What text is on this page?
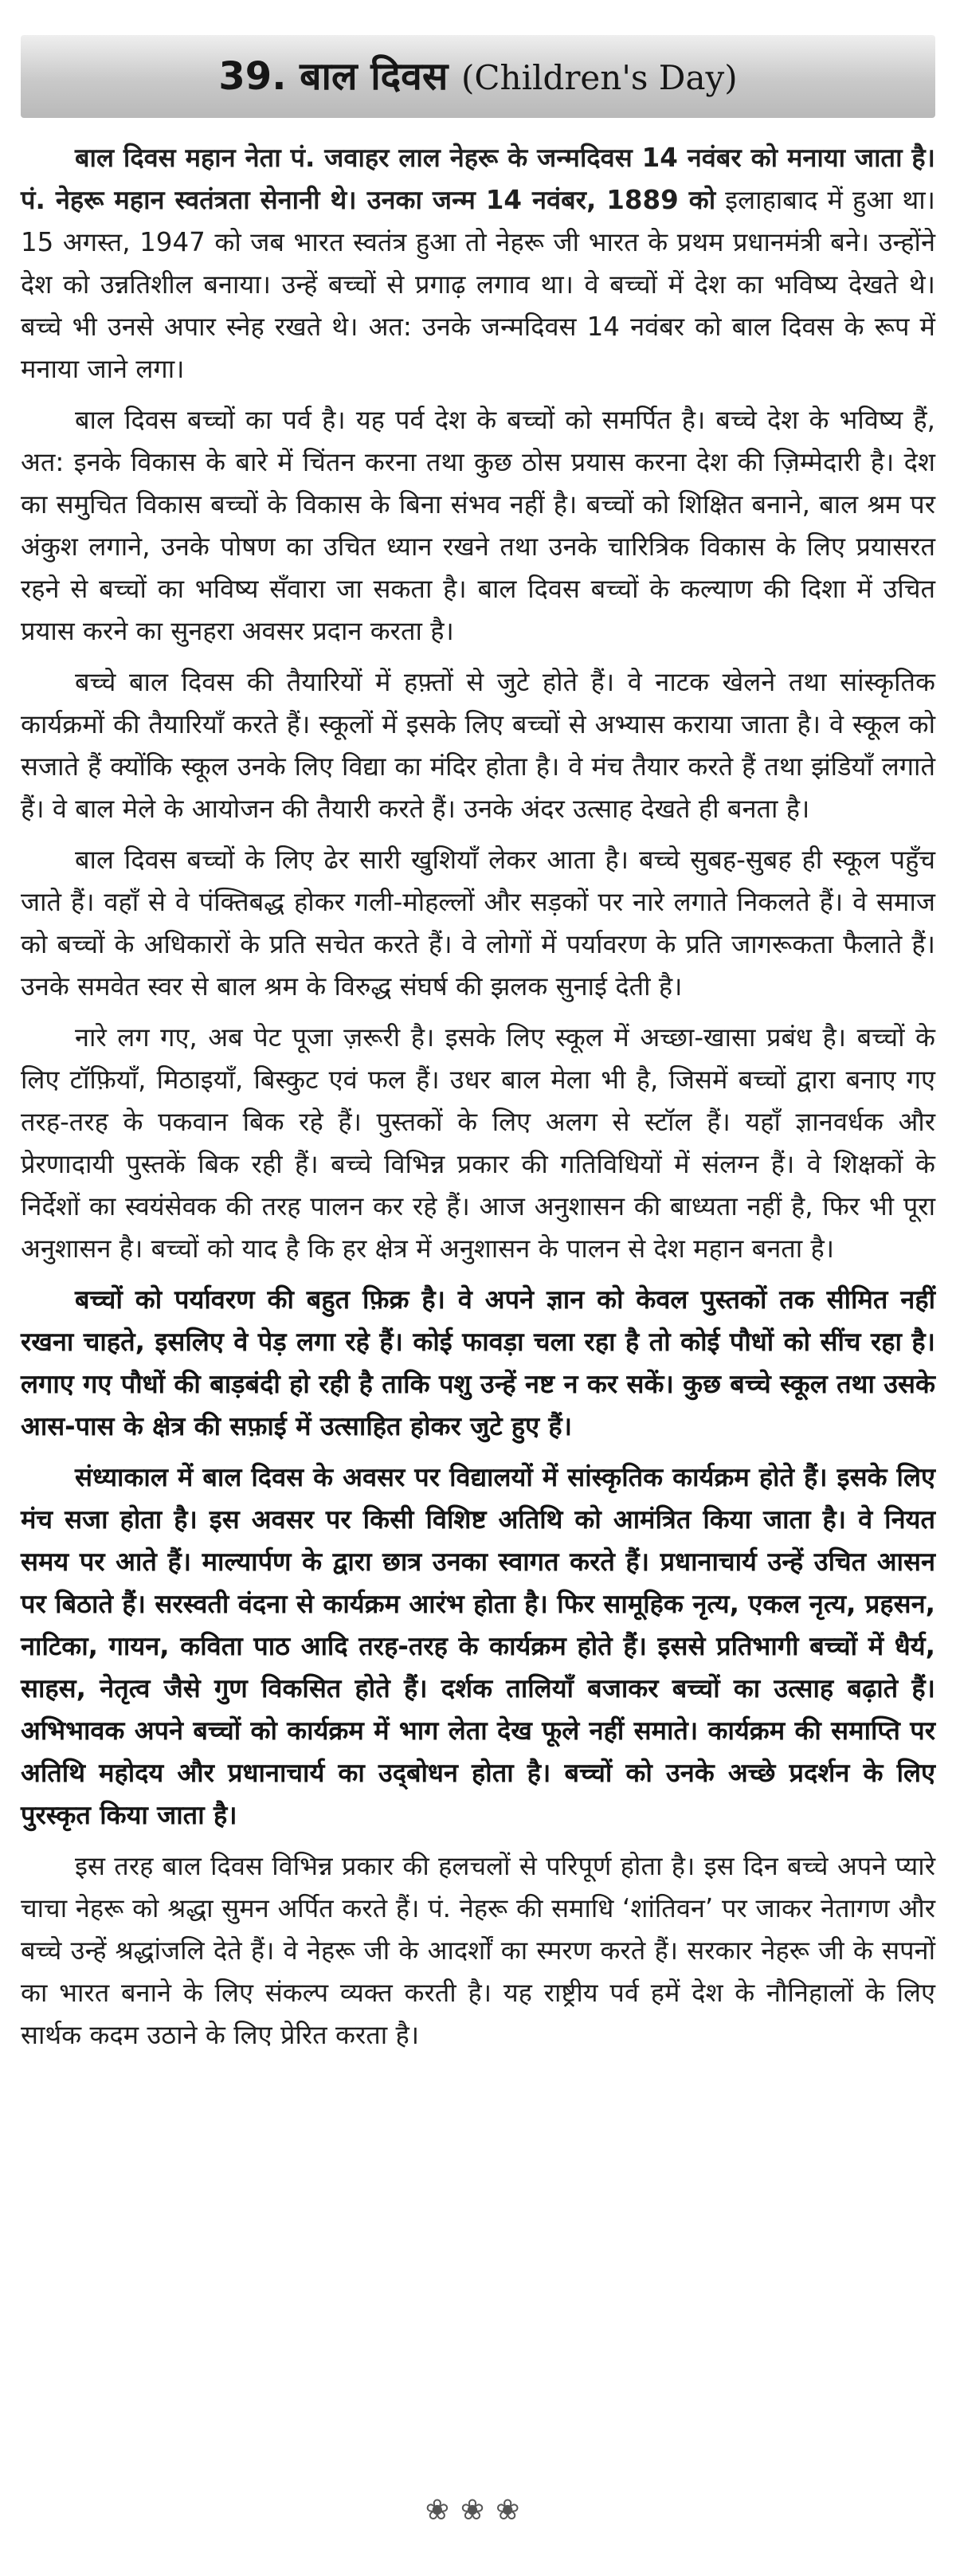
39. बाल दिवस (Children's Day)

बाल दिवस महान नेता पं. जवाहर लाल नेहरू के जन्मदिवस 14 नवंबर को मनाया जाता है। पं. नेहरू महान स्वतंत्रता सेनानी थे। उनका जन्म 14 नवंबर, 1889 को इलाहाबाद में हुआ था। 15 अगस्त, 1947 को जब भारत स्वतंत्र हुआ तो नेहरू जी भारत के प्रथम प्रधानमंत्री बने। उन्होंने देश को उन्नतिशील बनाया। उन्हें बच्चों से प्रगाढ़ लगाव था। वे बच्चों में देश का भविष्य देखते थे। बच्चे भी उनसे अपार स्नेह रखते थे। अत: उनके जन्मदिवस 14 नवंबर को बाल दिवस के रूप में मनाया जाने लगा।

बाल दिवस बच्चों का पर्व है। यह पर्व देश के बच्चों को समर्पित है। बच्चे देश के भविष्य हैं, अत: इनके विकास के बारे में चिंतन करना तथा कुछ ठोस प्रयास करना देश की ज़िम्मेदारी है। देश का समुचित विकास बच्चों के विकास के बिना संभव नहीं है। बच्चों को शिक्षित बनाने, बाल श्रम पर अंकुश लगाने, उनके पोषण का उचित ध्यान रखने तथा उनके चारित्रिक विकास के लिए प्रयासरत रहने से बच्चों का भविष्य सँवारा जा सकता है। बाल दिवस बच्चों के कल्याण की दिशा में उचित प्रयास करने का सुनहरा अवसर प्रदान करता है।

बच्चे बाल दिवस की तैयारियों में हफ़्तों से जुटे होते हैं। वे नाटक खेलने तथा सांस्कृतिक कार्यक्रमों की तैयारियाँ करते हैं। स्कूलों में इसके लिए बच्चों से अभ्यास कराया जाता है। वे स्कूल को सजाते हैं क्योंकि स्कूल उनके लिए विद्या का मंदिर होता है। वे मंच तैयार करते हैं तथा झंडियाँ लगाते हैं। वे बाल मेले के आयोजन की तैयारी करते हैं। उनके अंदर उत्साह देखते ही बनता है।

बाल दिवस बच्चों के लिए ढेर सारी खुशियाँ लेकर आता है। बच्चे सुबह-सुबह ही स्कूल पहुँच जाते हैं। वहाँ से वे पंक्तिबद्ध होकर गली-मोहल्लों और सड़कों पर नारे लगाते निकलते हैं। वे समाज को बच्चों के अधिकारों के प्रति सचेत करते हैं। वे लोगों में पर्यावरण के प्रति जागरूकता फैलाते हैं। उनके समवेत स्वर से बाल श्रम के विरुद्ध संघर्ष की झलक सुनाई देती है।

नारे लग गए, अब पेट पूजा ज़रूरी है। इसके लिए स्कूल में अच्छा-खासा प्रबंध है। बच्चों के लिए टॉफ़ियाँ, मिठाइयाँ, बिस्कुट एवं फल हैं। उधर बाल मेला भी है, जिसमें बच्चों द्वारा बनाए गए तरह-तरह के पकवान बिक रहे हैं। पुस्तकों के लिए अलग से स्टॉल हैं। यहाँ ज्ञानवर्धक और प्रेरणादायी पुस्तकें बिक रही हैं। बच्चे विभिन्न प्रकार की गतिविधियों में संलग्न हैं। वे शिक्षकों के निर्देशों का स्वयंसेवक की तरह पालन कर रहे हैं। आज अनुशासन की बाध्यता नहीं है, फिर भी पूरा अनुशासन है। बच्चों को याद है कि हर क्षेत्र में अनुशासन के पालन से देश महान बनता है।

बच्चों को पर्यावरण की बहुत फ़िक्र है। वे अपने ज्ञान को केवल पुस्तकों तक सीमित नहीं रखना चाहते, इसलिए वे पेड़ लगा रहे हैं। कोई फावड़ा चला रहा है तो कोई पौधों को सींच रहा है। लगाए गए पौधों की बाड़बंदी हो रही है ताकि पशु उन्हें नष्ट न कर सकें। कुछ बच्चे स्कूल तथा उसके आस-पास के क्षेत्र की सफ़ाई में उत्साहित होकर जुटे हुए हैं।

संध्याकाल में बाल दिवस के अवसर पर विद्यालयों में सांस्कृतिक कार्यक्रम होते हैं। इसके लिए मंच सजा होता है। इस अवसर पर किसी विशिष्ट अतिथि को आमंत्रित किया जाता है। वे नियत समय पर आते हैं। माल्यार्पण के द्वारा छात्र उनका स्वागत करते हैं। प्रधानाचार्य उन्हें उचित आसन पर बिठाते हैं। सरस्वती वंदना से कार्यक्रम आरंभ होता है। फिर सामूहिक नृत्य, एकल नृत्य, प्रहसन, नाटिका, गायन, कविता पाठ आदि तरह-तरह के कार्यक्रम होते हैं। इससे प्रतिभागी बच्चों में धैर्य, साहस, नेतृत्व जैसे गुण विकसित होते हैं। दर्शक तालियाँ बजाकर बच्चों का उत्साह बढ़ाते हैं। अभिभावक अपने बच्चों को कार्यक्रम में भाग लेता देख फूले नहीं समाते। कार्यक्रम की समाप्ति पर अतिथि महोदय और प्रधानाचार्य का उद्‍बोधन होता है। बच्चों को उनके अच्छे प्रदर्शन के लिए पुरस्कृत किया जाता है।

इस तरह बाल दिवस विभिन्न प्रकार की हलचलों से परिपूर्ण होता है। इस दिन बच्चे अपने प्यारे चाचा नेहरू को श्रद्धा सुमन अर्पित करते हैं। पं. नेहरू की समाधि ‘शांतिवन’ पर जाकर नेतागण और बच्चे उन्हें श्रद्धांजलि देते हैं। वे नेहरू जी के आदर्शों का स्मरण करते हैं। सरकार नेहरू जी के सपनों का भारत बनाने के लिए संकल्प व्यक्त करती है। यह राष्ट्रीय पर्व हमें देश के नौनिहालों के लिए सार्थक कदम उठाने के लिए प्रेरित करता है।

❀❀❀
